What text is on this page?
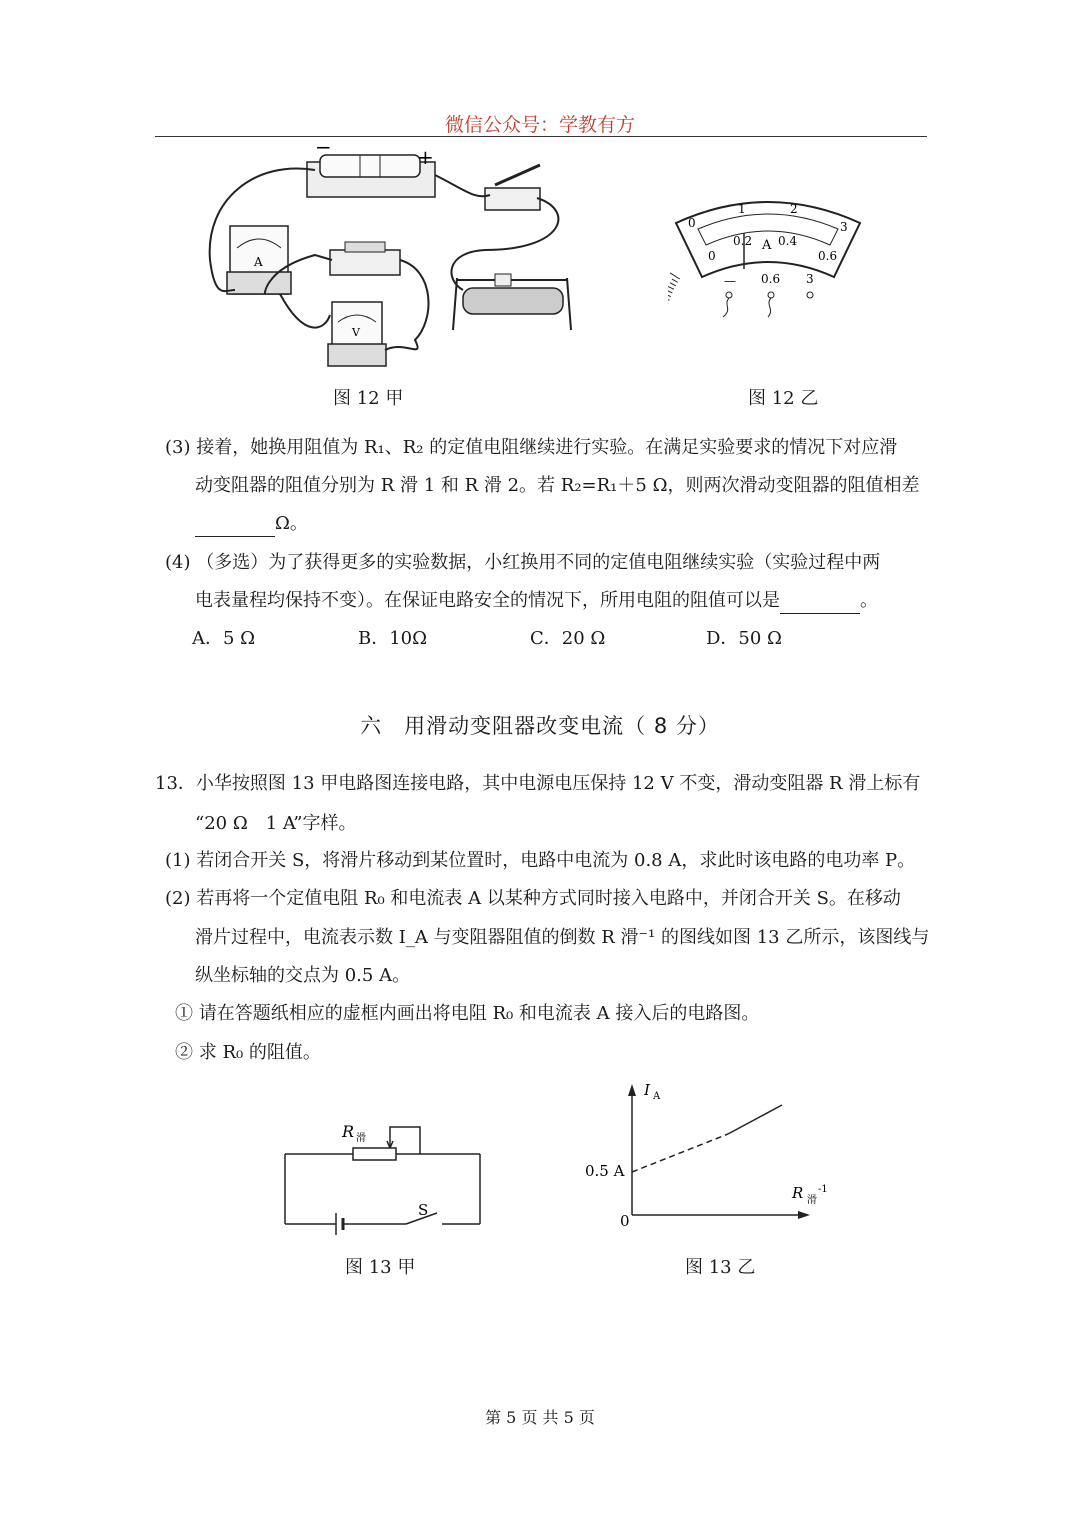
微信公众号：学教有方
−	+
A
V
图 12 甲
0
1	2
3
0
0.2 0.4
0.6
A
— 0.6 3
图 12 乙
(3) 接着，她换用阻值为 R₁、R₂ 的定值电阻继续进行实验。在满足实验要求的情况下对应滑
动变阻器的阻值分别为 R 滑 1 和 R 滑 2。若 R₂=R₁＋5 Ω，则两次滑动变阻器的阻值相差
Ω。
(4) （多选）为了获得更多的实验数据，小红换用不同的定值电阻继续实验（实验过程中两
电表量程均保持不变）。在保证电路安全的情况下，所用电阻的阻值可以是	。
A．5 Ω	B．10Ω	C．20 Ω	D．50 Ω
六　用滑动变阻器改变电流（ 8 分）
13．小华按照图 13 甲电路图连接电路，其中电源电压保持 12 V 不变，滑动变阻器 R 滑上标有
“20 Ω　1 A”字样。
(1) 若闭合开关 S，将滑片移动到某位置时，电路中电流为 0.8 A，求此时该电路的电功率 P。
(2) 若再将一个定值电阻 R₀ 和电流表 A 以某种方式同时接入电路中，并闭合开关 S。在移动
滑片过程中，电流表示数 I_A 与变阻器阻值的倒数 R 滑⁻¹ 的图线如图 13 乙所示，该图线与
纵坐标轴的交点为 0.5 A。
① 请在答题纸相应的虚框内画出将电阻 R₀ 和电流表 A 接入后的电路图。
② 求 R₀ 的阻值。
R 滑
S
图 13 甲
I A
0.5 A
0
R 滑
-1
图 13 乙
第 5 页 共 5 页
